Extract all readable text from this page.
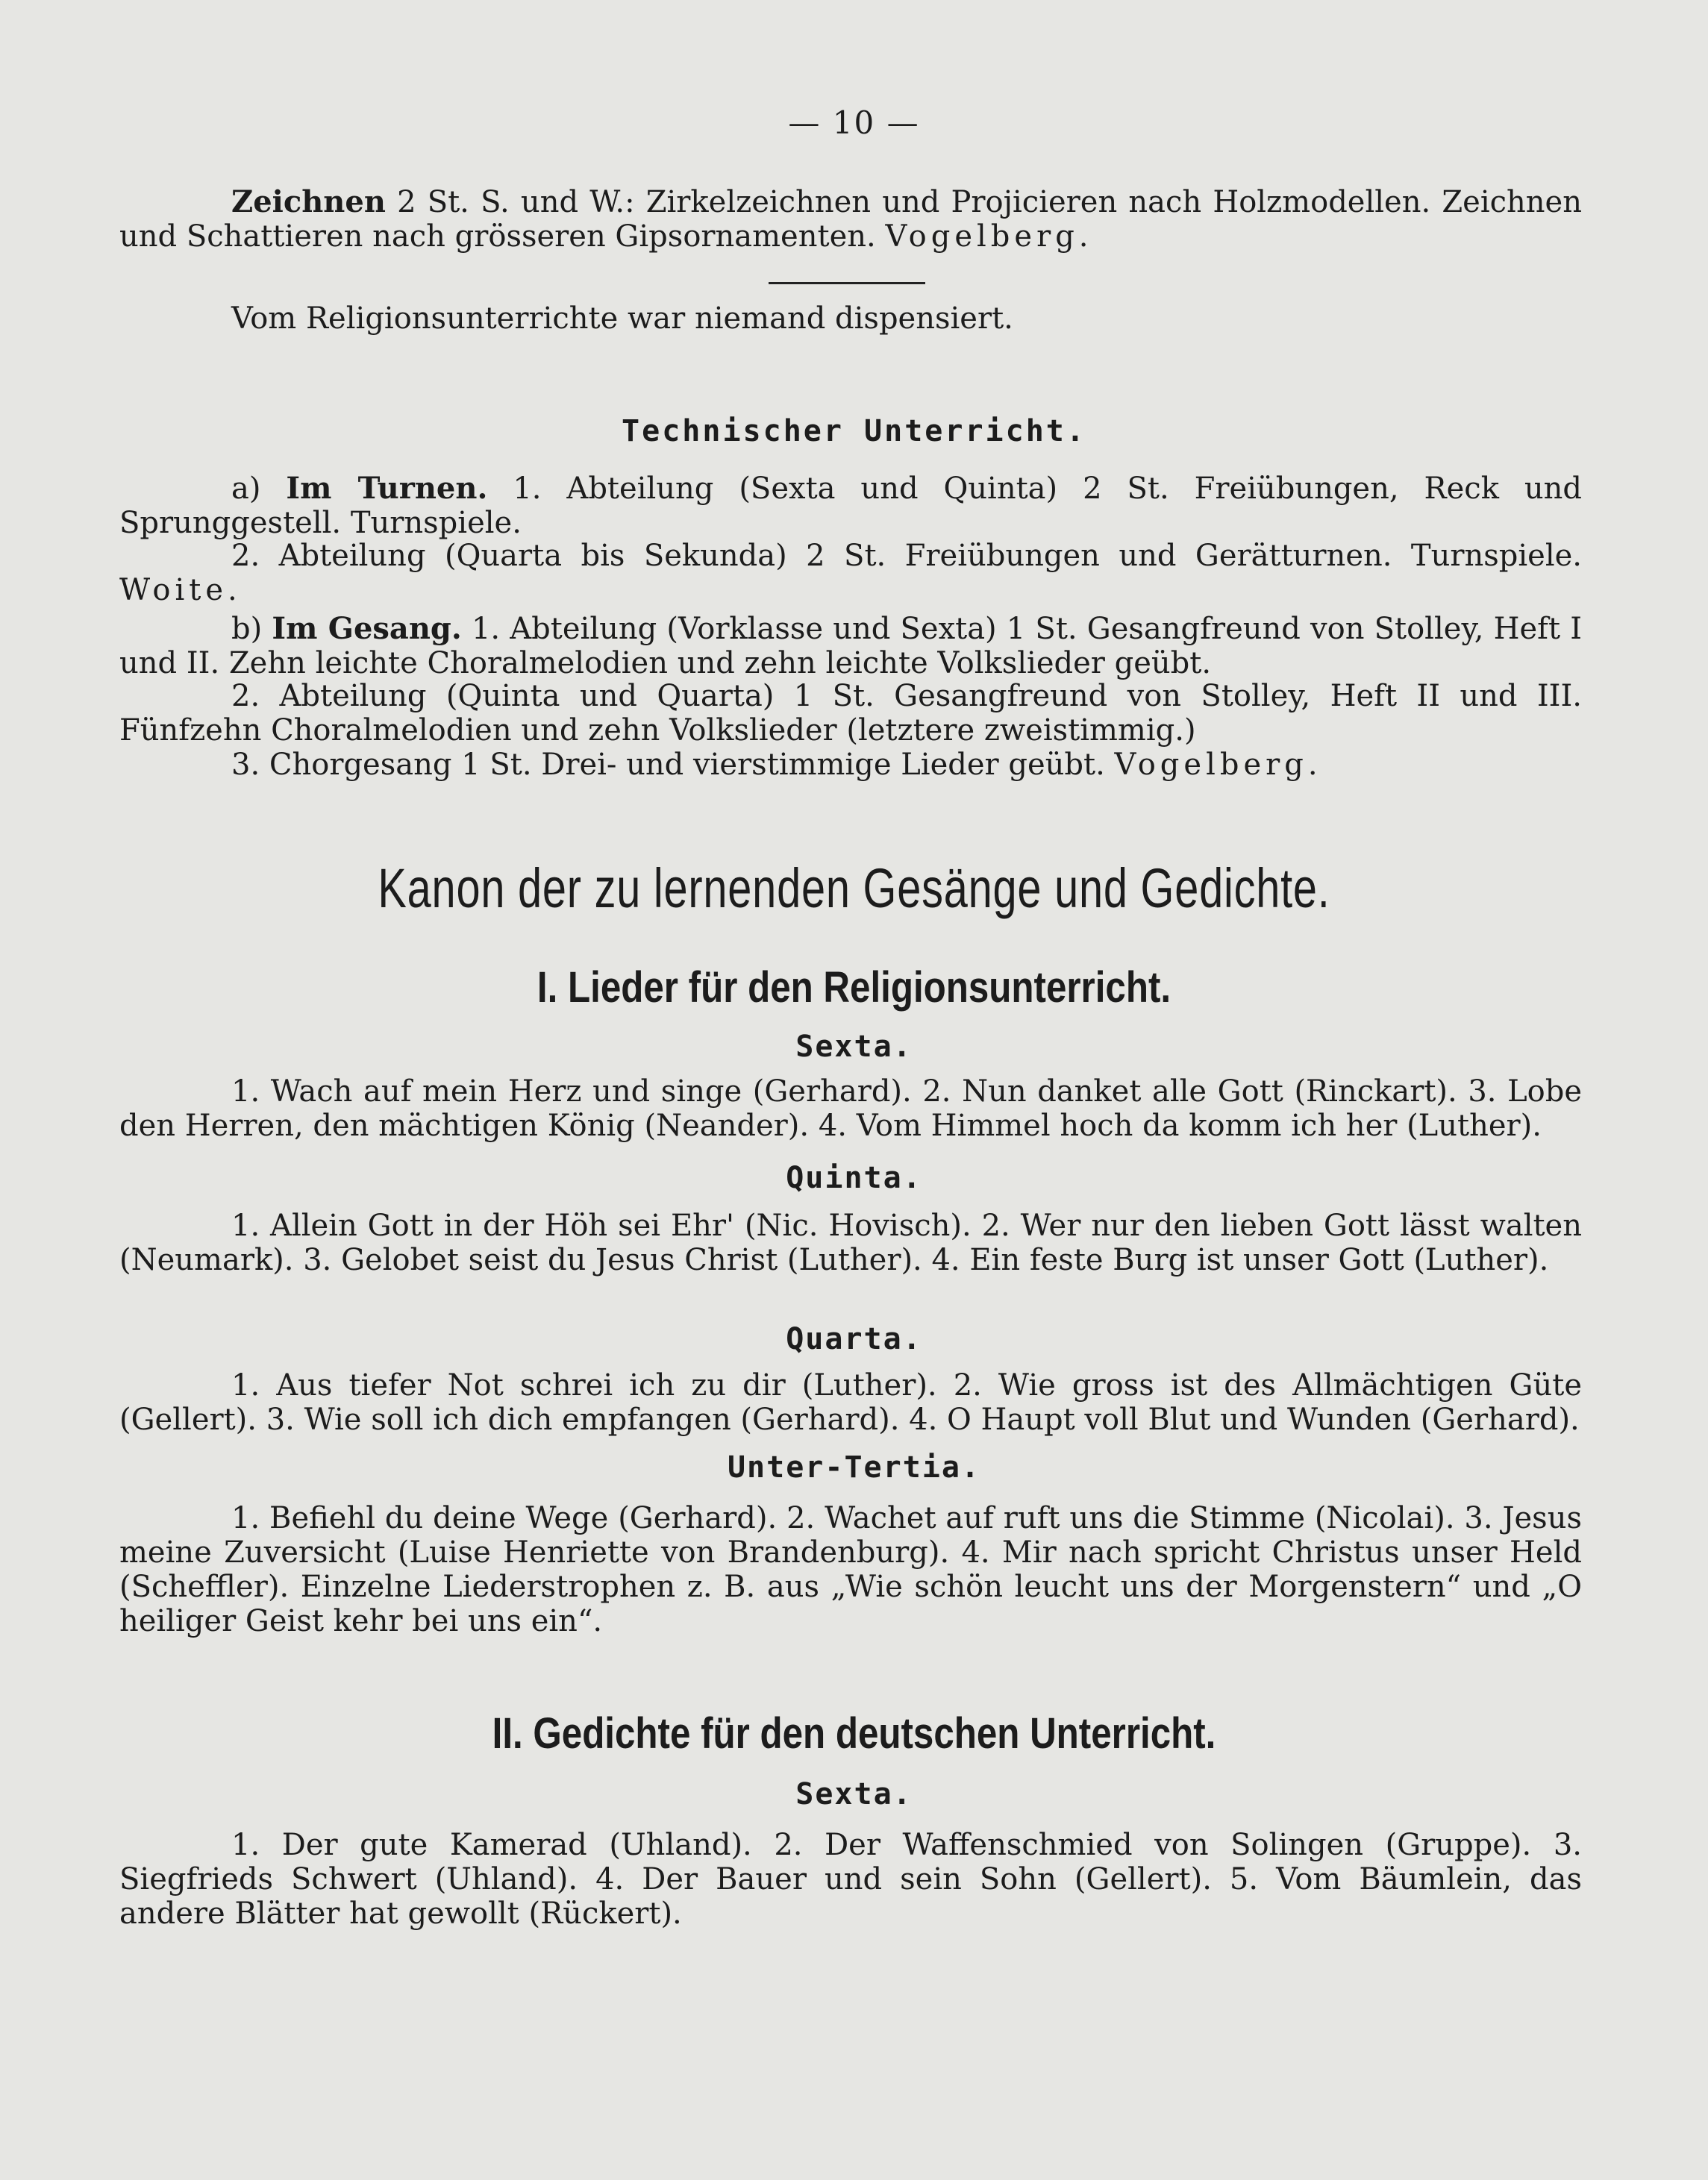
— 10 —
Zeichnen 2 St. S. und W.: Zirkelzeichnen und Projicieren nach Holzmodellen. Zeichnen und Schattieren nach grösseren Gipsornamenten. Vogelberg.
Vom Religionsunterrichte war niemand dispensiert.
Technischer Unterricht.
a) Im Turnen. 1. Abteilung (Sexta und Quinta) 2 St. Freiübungen, Reck und Sprunggestell. Turnspiele.
2. Abteilung (Quarta bis Sekunda) 2 St. Freiübungen und Gerätturnen. Turnspiele. Woite.
b) Im Gesang. 1. Abteilung (Vorklasse und Sexta) 1 St. Gesangfreund von Stolley, Heft I und II. Zehn leichte Choralmelodien und zehn leichte Volkslieder geübt.
2. Abteilung (Quinta und Quarta) 1 St. Gesangfreund von Stolley, Heft II und III. Fünfzehn Choralmelodien und zehn Volkslieder (letztere zweistimmig.)
3. Chorgesang 1 St. Drei- und vierstimmige Lieder geübt. Vogelberg.
Kanon der zu lernenden Gesänge und Gedichte.
I. Lieder für den Religionsunterricht.
Sexta.
1. Wach auf mein Herz und singe (Gerhard). 2. Nun danket alle Gott (Rinckart). 3. Lobe den Herren, den mächtigen König (Neander). 4. Vom Himmel hoch da komm ich her (Luther).
Quinta.
1. Allein Gott in der Höh sei Ehr' (Nic. Hovisch). 2. Wer nur den lieben Gott lässt walten (Neumark). 3. Gelobet seist du Jesus Christ (Luther). 4. Ein feste Burg ist unser Gott (Luther).
Quarta.
1. Aus tiefer Not schrei ich zu dir (Luther). 2. Wie gross ist des Allmächtigen Güte (Gellert). 3. Wie soll ich dich empfangen (Gerhard). 4. O Haupt voll Blut und Wunden (Gerhard).
Unter-Tertia.
1. Befiehl du deine Wege (Gerhard). 2. Wachet auf ruft uns die Stimme (Nicolai). 3. Jesus meine Zuversicht (Luise Henriette von Brandenburg). 4. Mir nach spricht Christus unser Held (Scheffler). Einzelne Liederstrophen z. B. aus „Wie schön leucht uns der Morgenstern“ und „O heiliger Geist kehr bei uns ein“.
II. Gedichte für den deutschen Unterricht.
Sexta.
1. Der gute Kamerad (Uhland). 2. Der Waffenschmied von Solingen (Gruppe). 3. Siegfrieds Schwert (Uhland). 4. Der Bauer und sein Sohn (Gellert). 5. Vom Bäumlein, das andere Blätter hat gewollt (Rückert).
